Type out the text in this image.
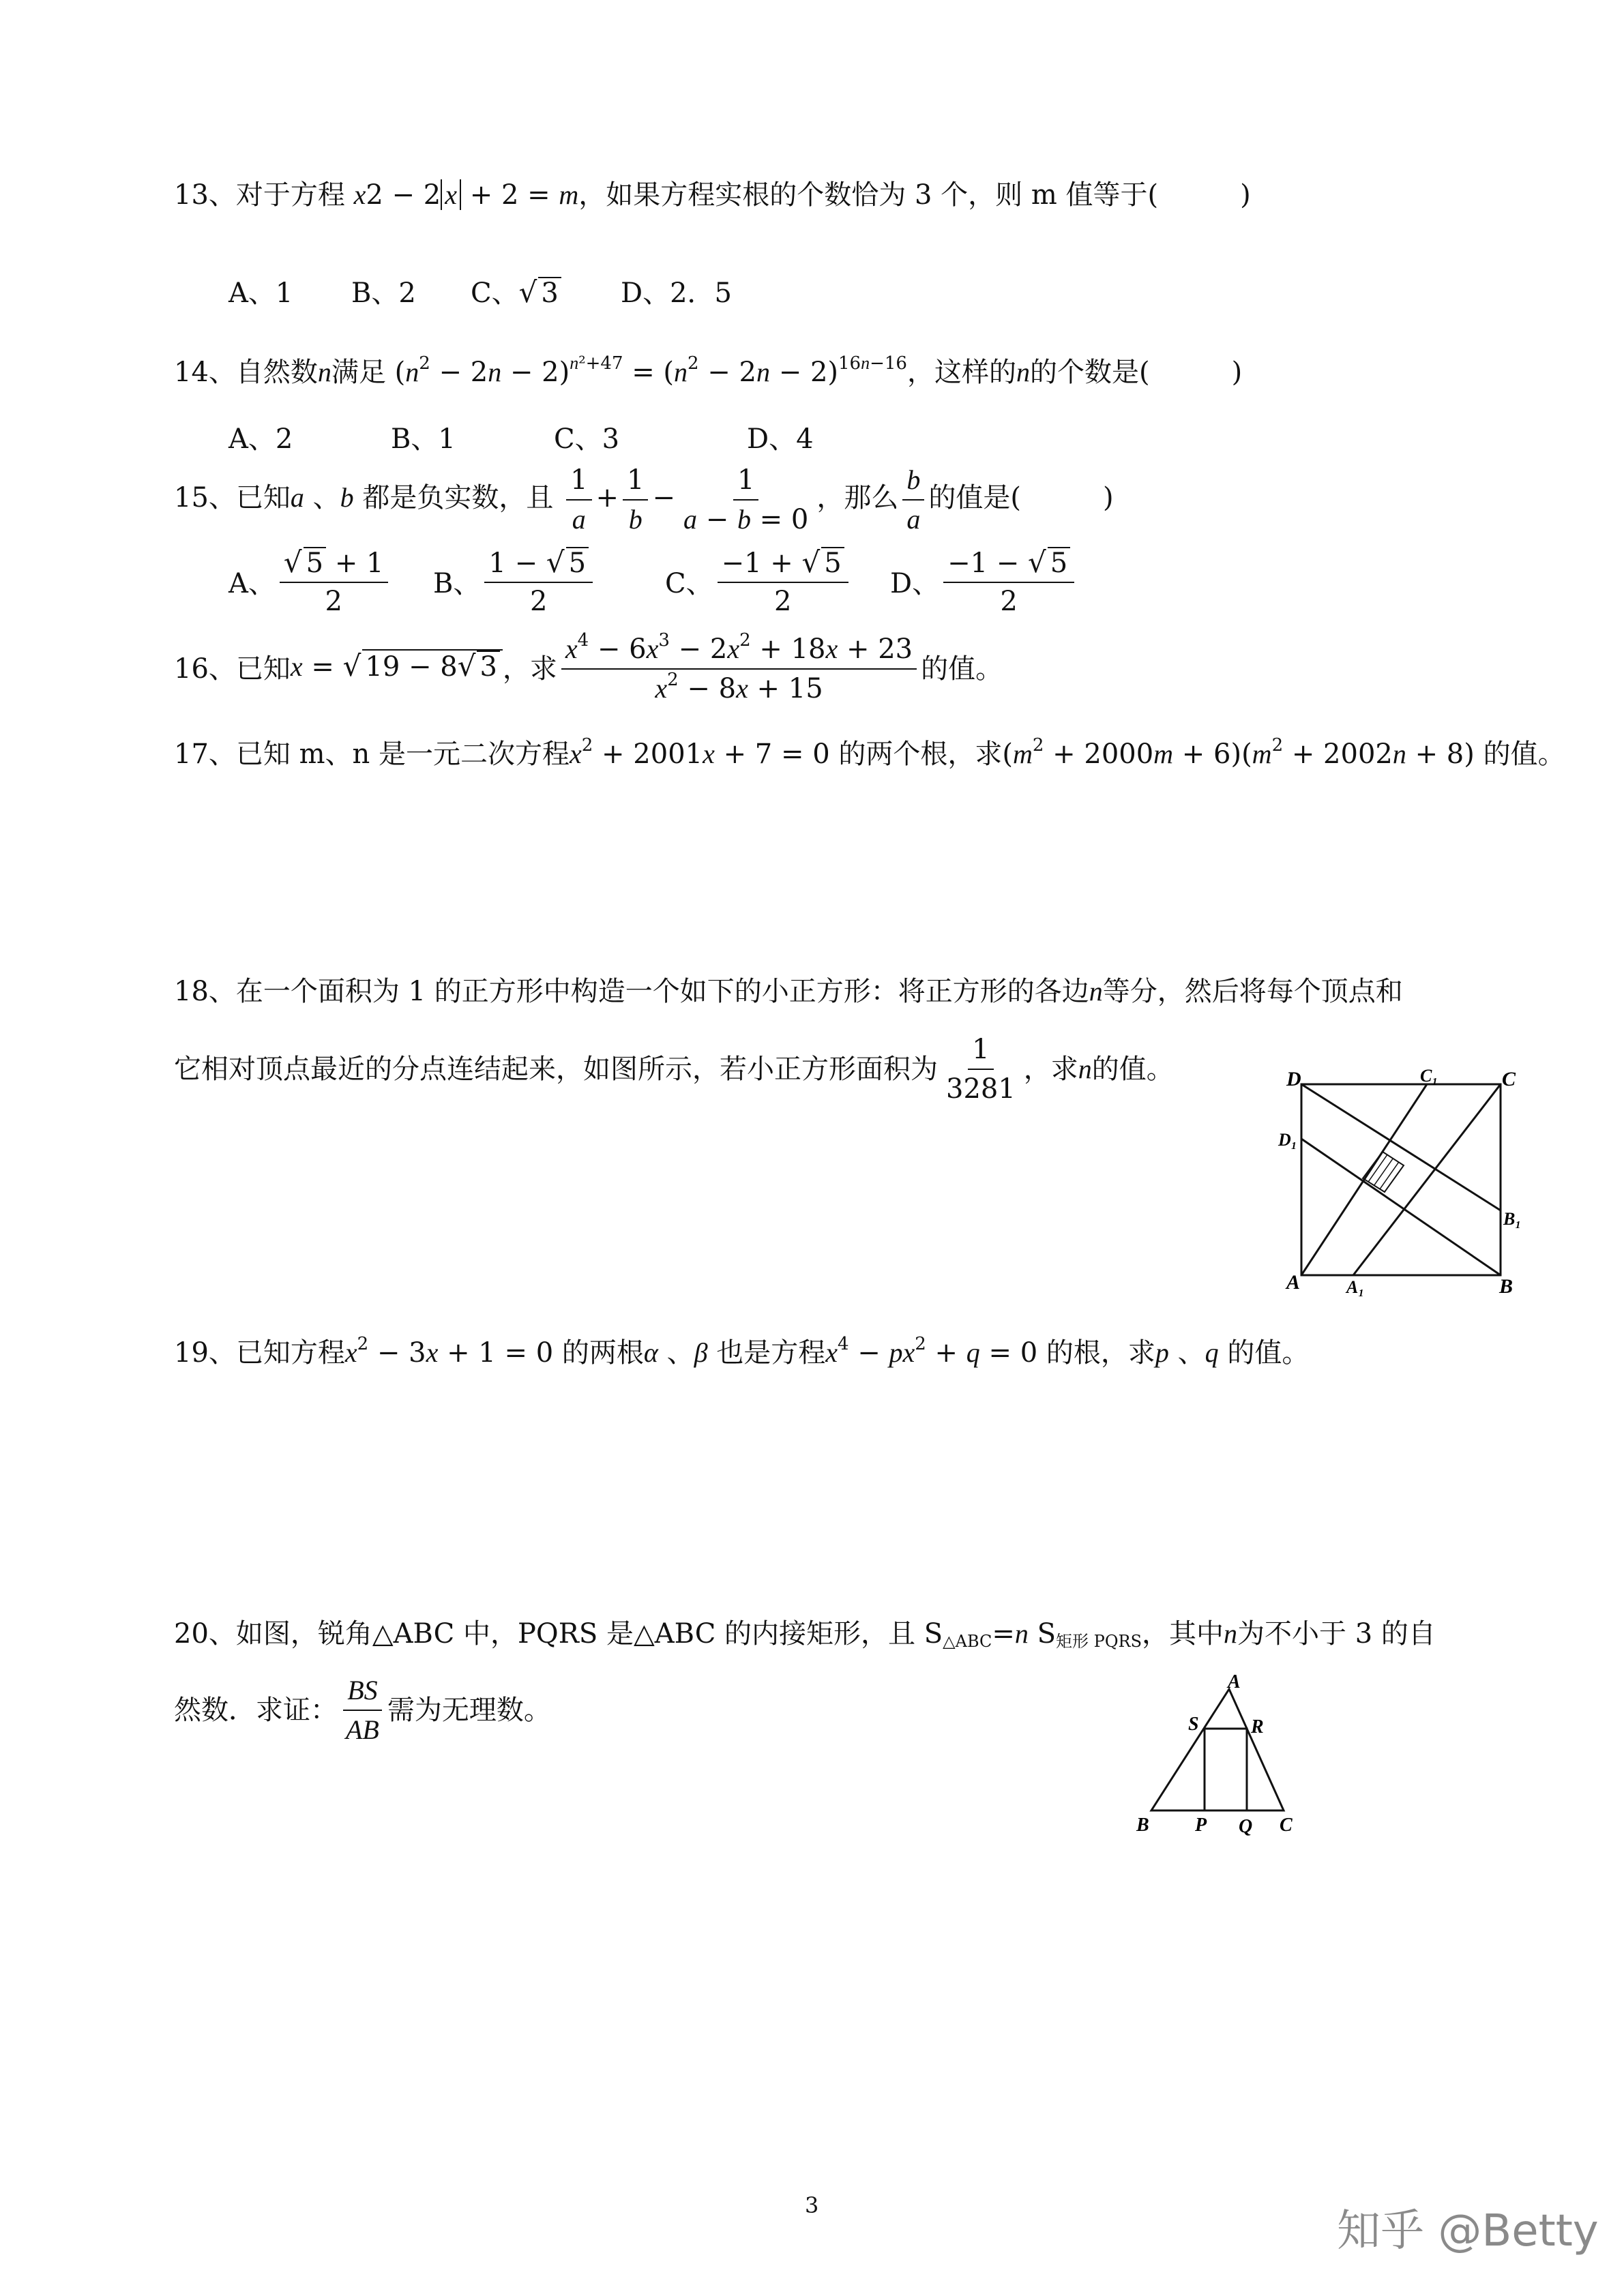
13、对于方程 x2 − 2 x + 2 = m，如果方程实根的个数恰为 3 个，则 m 值等于(	)
A、1 B、2 C、√ 3 D、2．5
14、自然数n满足 $(n^2 - 2n - 2)^{n^2+47} = (n^2 - 2n - 2)^{16n-16}$，这样的n的个数是(	)
A、2	B、1	C、3	D、4
15、已知a 、b 都是负实数，且 $\frac{1}{a} + \frac{1}{b} - \frac{1}{a - b = 0}$ ，那么 $\frac{b}{a}$ 的值是(	)
A、 $\frac{√ 5 + 1}{2}$ B、 $\frac{1 - √ 5}{2}$	C、 $\frac{-1 + √ 5}{2}$ D、 $\frac{-1 - √ 5}{2}$
16、已知x = √ 19 − 8√ 3 ，求 $\frac{x^4 - 6x^3 - 2x^2 + 18x + 23}{x^2 - 8x + 15}$ 的值。
17、已知 m、n 是一元二次方程$x^2 + 2001x + 7 = 0$ 的两个根，求$(m^2 + 2000m + 6)(m^2 + 2002n + 8)$ 的值。
18、在一个面积为 1 的正方形中构造一个如下的小正方形：将正方形的各边n等分，然后将每个顶点和
它相对顶点最近的分点连结起来，如图所示，若小正方形面积为 $\frac{1}{3281}$ ，求n的值。	D	C
C₁
D₁
B₁
A	A₁	B
19、已知方程$x^2 - 3x + 1 = 0$ 的两根α 、β 也是方程$x^4 - px^2 + q = 0$ 的根，求p 、q 的值。
20、如图，锐角△ABC 中，PQRS 是△ABC 的内接矩形，且 $S_{\triangle ABC}=n$ $S_{矩形 PQRS}$，其中n为不小于 3 的自
然数．求证： $\frac{BS}{AB}$ 需为无理数。
A
S	R
B P Q C
3
知乎 @Betty
